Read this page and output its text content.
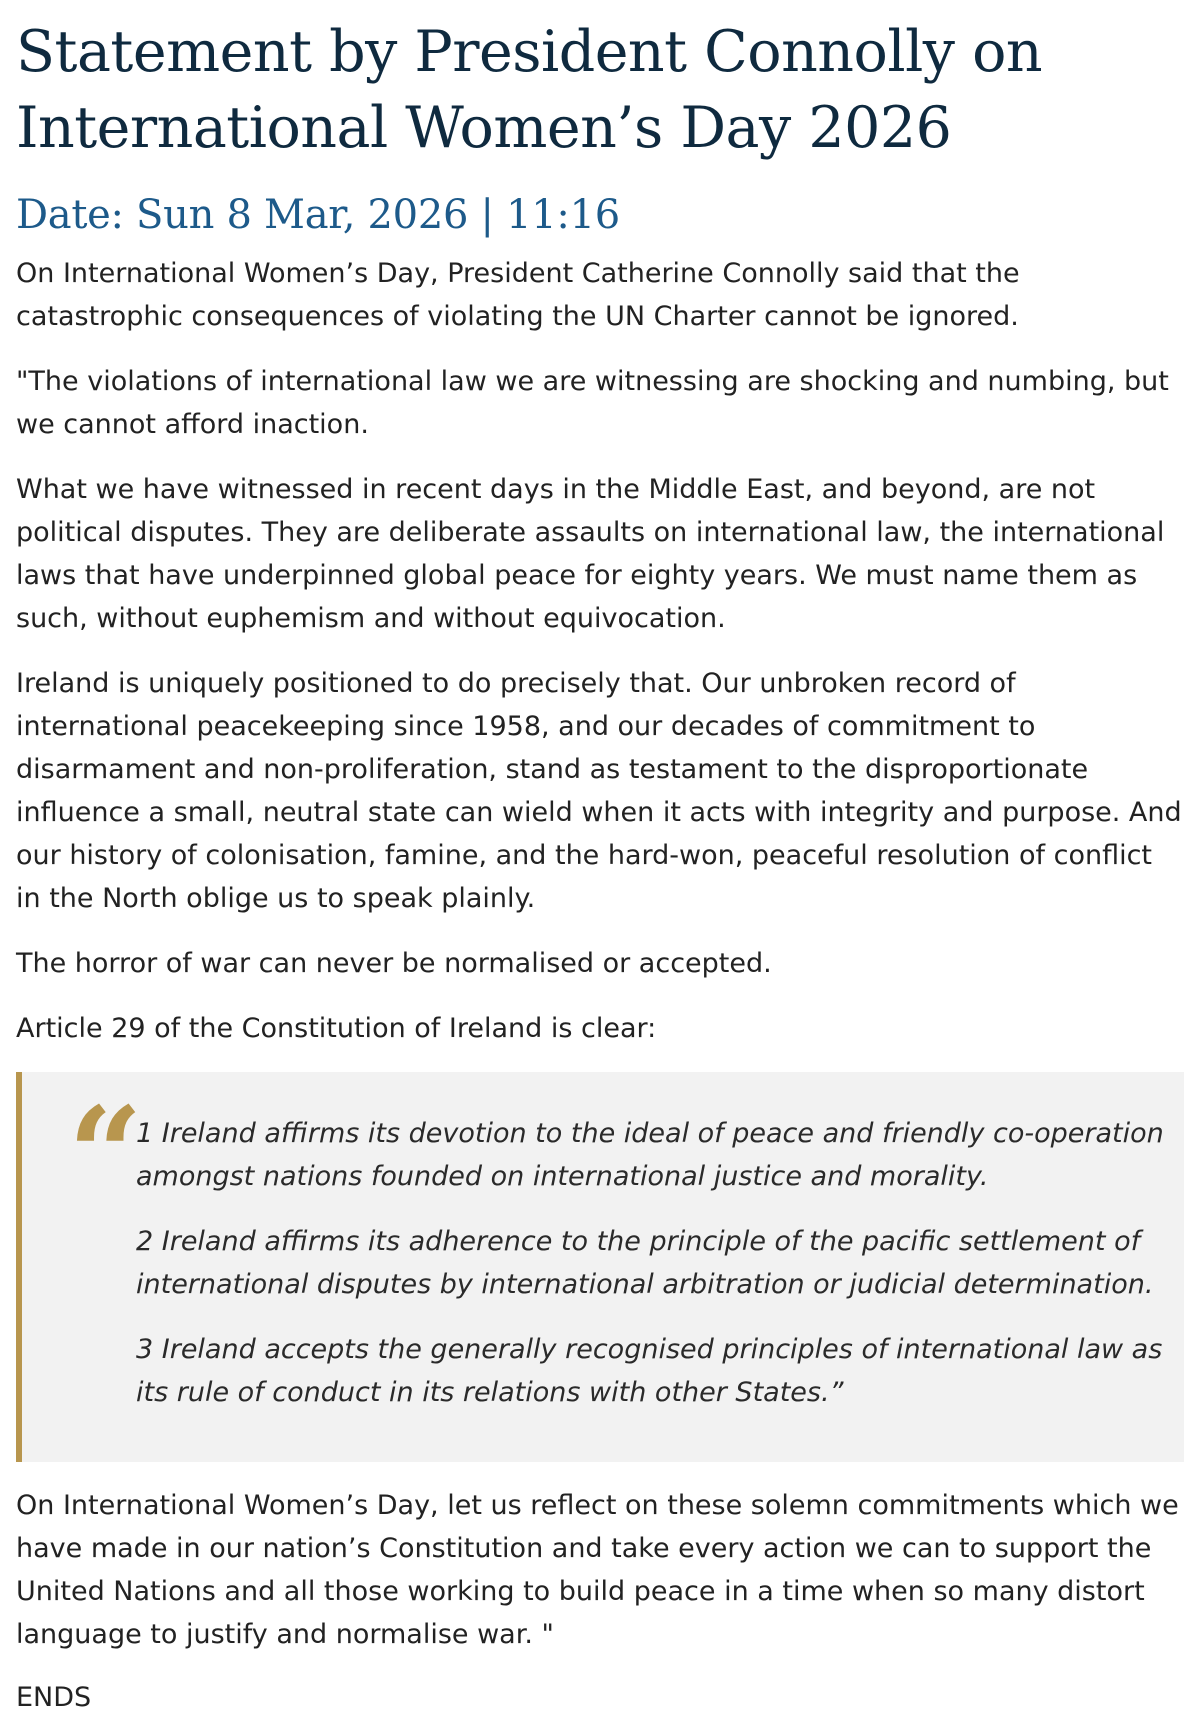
Statement by President Connolly on International Women’s Day 2026
Date: Sun 8 Mar, 2026 | 11:16

On International Women’s Day, President Catherine Connolly said that the catastrophic consequences of violating the UN Charter cannot be ignored.

"The violations of international law we are witnessing are shocking and numbing, but we cannot afford inaction.

What we have witnessed in recent days in the Middle East, and beyond, are not political disputes. They are deliberate assaults on international law, the international laws that have underpinned global peace for eighty years. We must name them as such, without euphemism and without equivocation.

Ireland is uniquely positioned to do precisely that. Our unbroken record of international peacekeeping since 1958, and our decades of commitment to disarmament and non-proliferation, stand as testament to the disproportionate influence a small, neutral state can wield when it acts with integrity and purpose. And our history of colonisation, famine, and the hard-won, peaceful resolution of conflict in the North oblige us to speak plainly.

The horror of war can never be normalised or accepted.

Article 29 of the Constitution of Ireland is clear:

“

1 Ireland affirms its devotion to the ideal of peace and friendly co-operation amongst nations founded on international justice and morality.

2 Ireland affirms its adherence to the principle of the pacific settlement of international disputes by international arbitration or judicial determination.

3 Ireland accepts the generally recognised principles of international law as its rule of conduct in its relations with other States.”

On International Women’s Day, let us reflect on these solemn commitments which we have made in our nation’s Constitution and take every action we can to support the United Nations and all those working to build peace in a time when so many distort language to justify and normalise war. "

ENDS
